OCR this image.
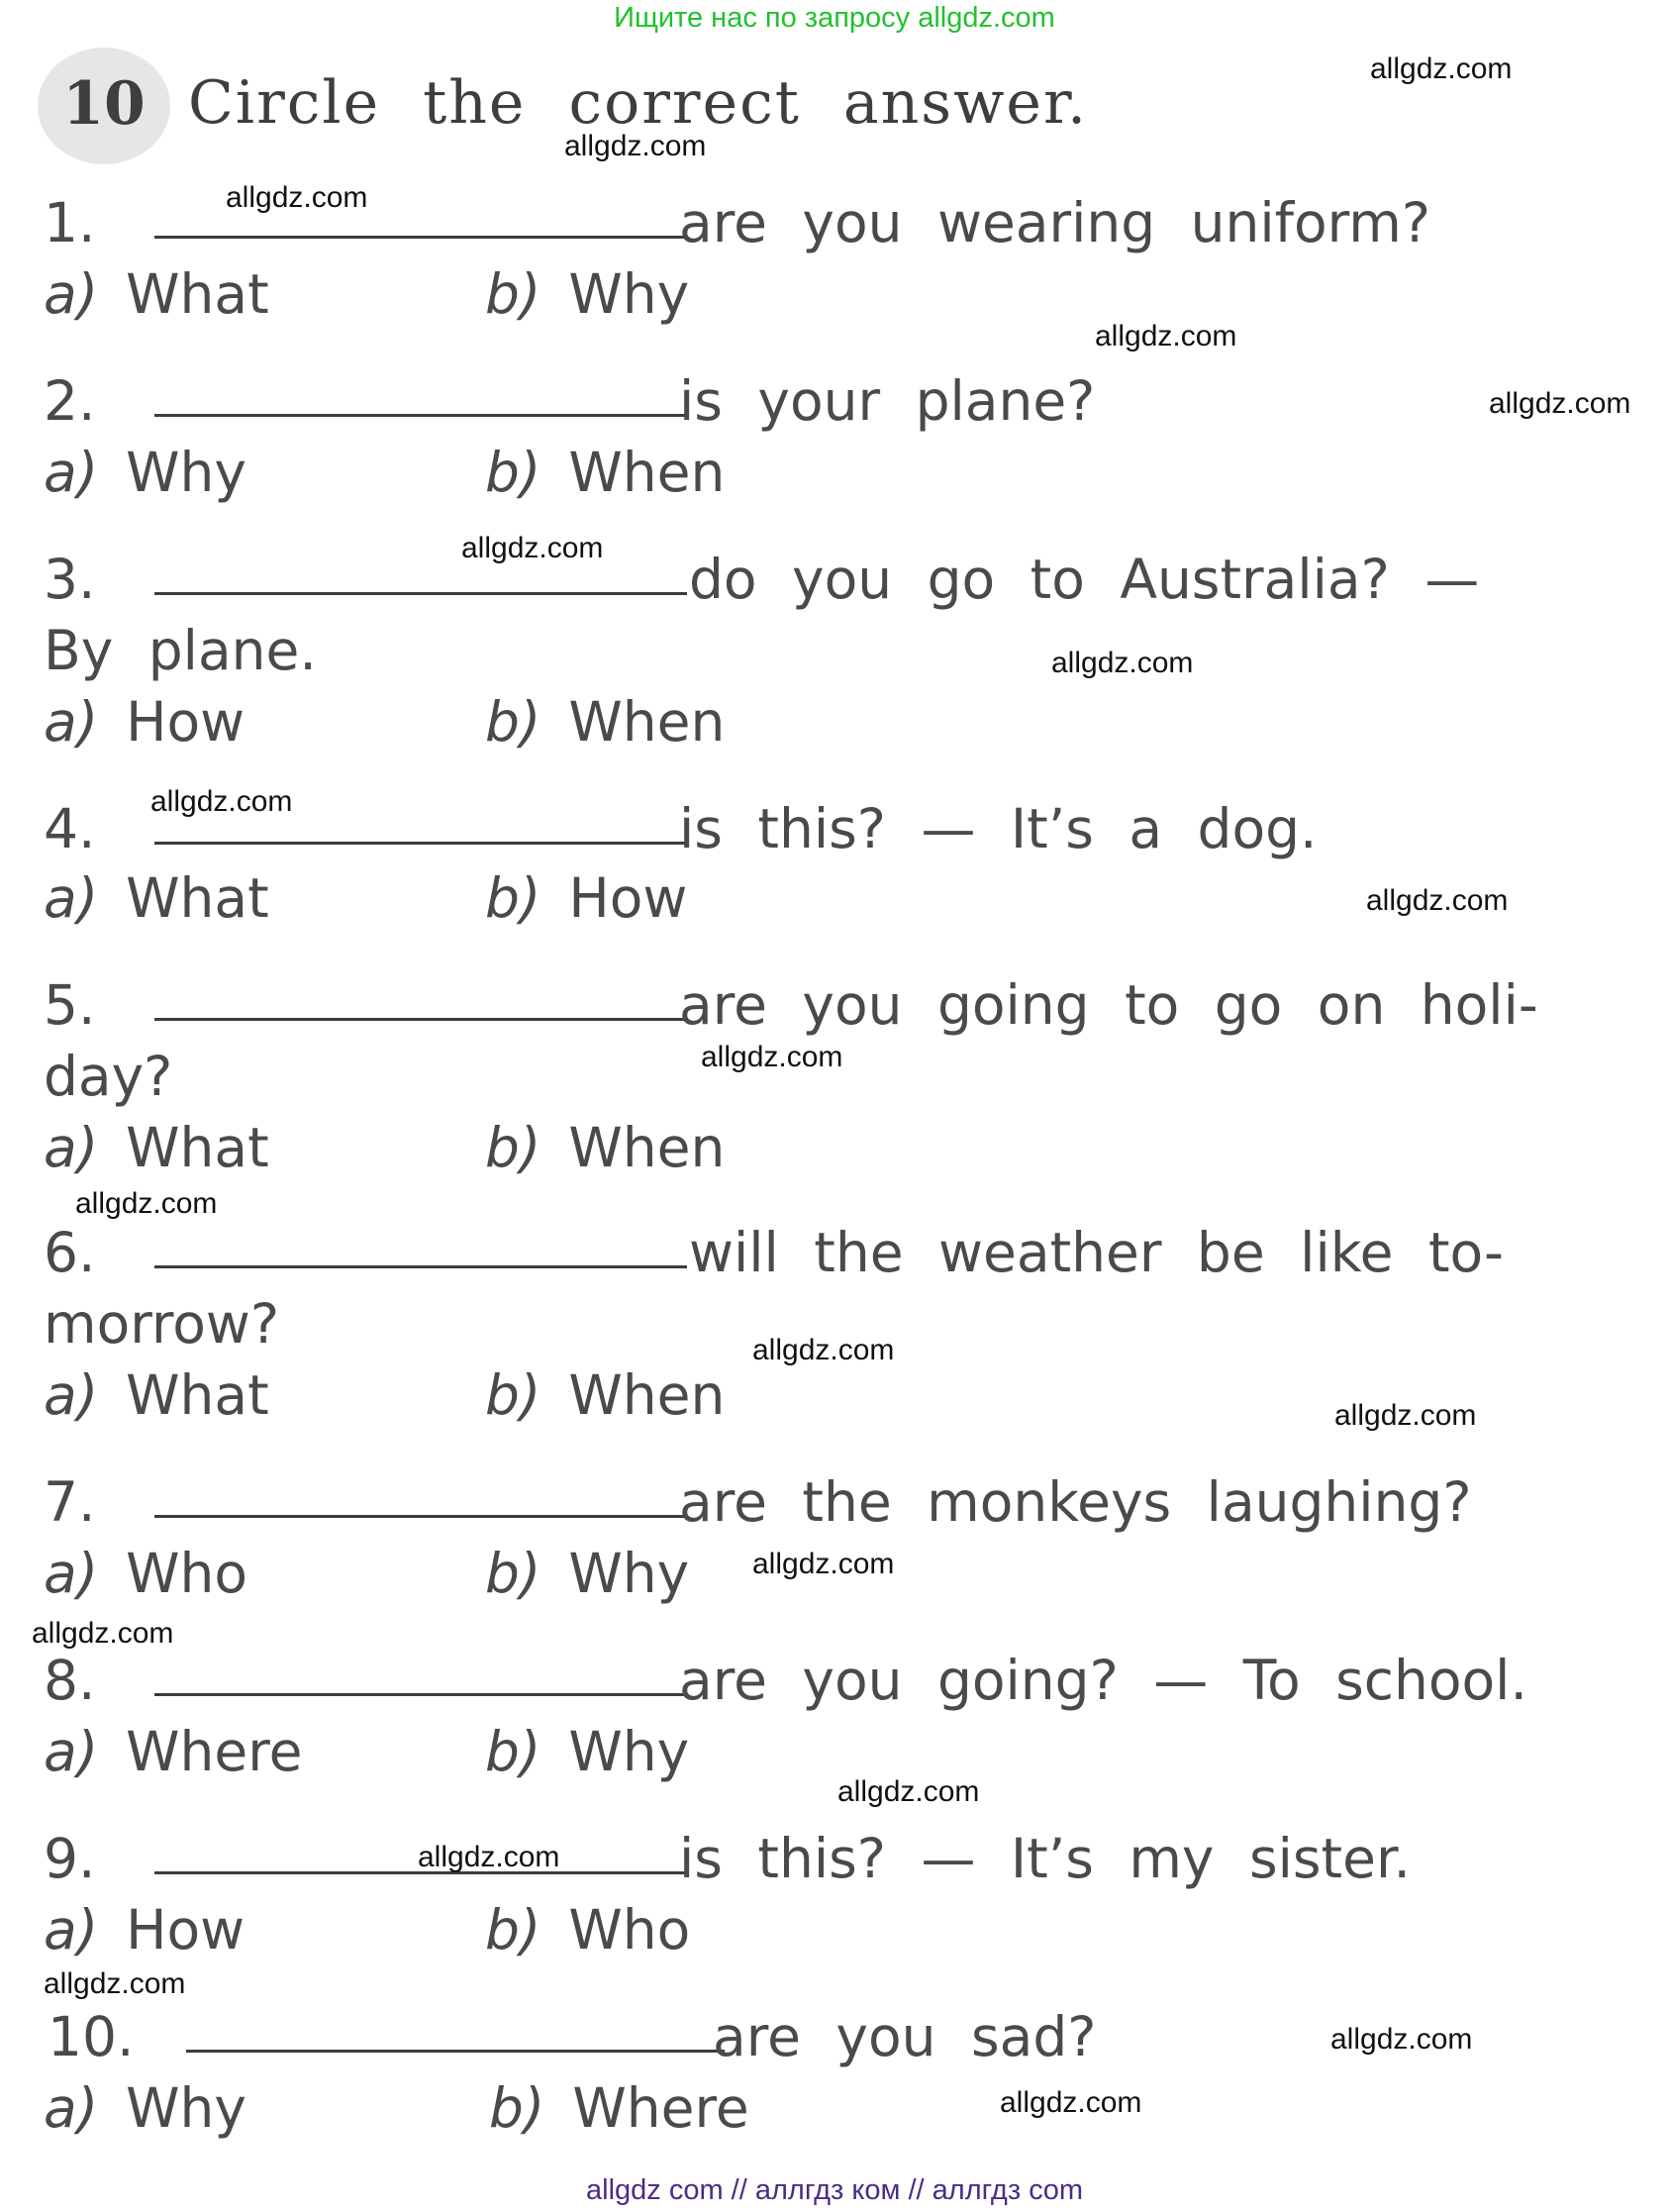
Ищите нас по запросу allgdz.com
10 Circle the correct answer.
1.	are you wearing uniform?
a) What	b) Why
2.	is your plane?
a) Why	b) When
3.	do you go to Australia? —
By plane.
a) How	b) When
4.	is this? — It’s a dog.
a) What	b) How
5.	are you going to go on holi-
day?
a) What	b) When
6.	will the weather be like to-
morrow?
a) What	b) When
7.	are the monkeys laughing?
a) Who	b) Why
8.	are you going? — To school.
a) Where	b) Why
9.	is this? — It’s my sister.
a) How	b) Who
10.	are you sad?
a) Why	b) Where
allgdz.com
allgdz.com
allgdz.com
allgdz.com
allgdz.com
allgdz.com
allgdz.com
allgdz.com
allgdz.com
allgdz.com
allgdz.com
allgdz.com
allgdz.com
allgdz.com
allgdz.com
allgdz.com
allgdz.com
allgdz.com
allgdz.com
allgdz.com
allgdz com // аллгдз ком // аллгдз com
